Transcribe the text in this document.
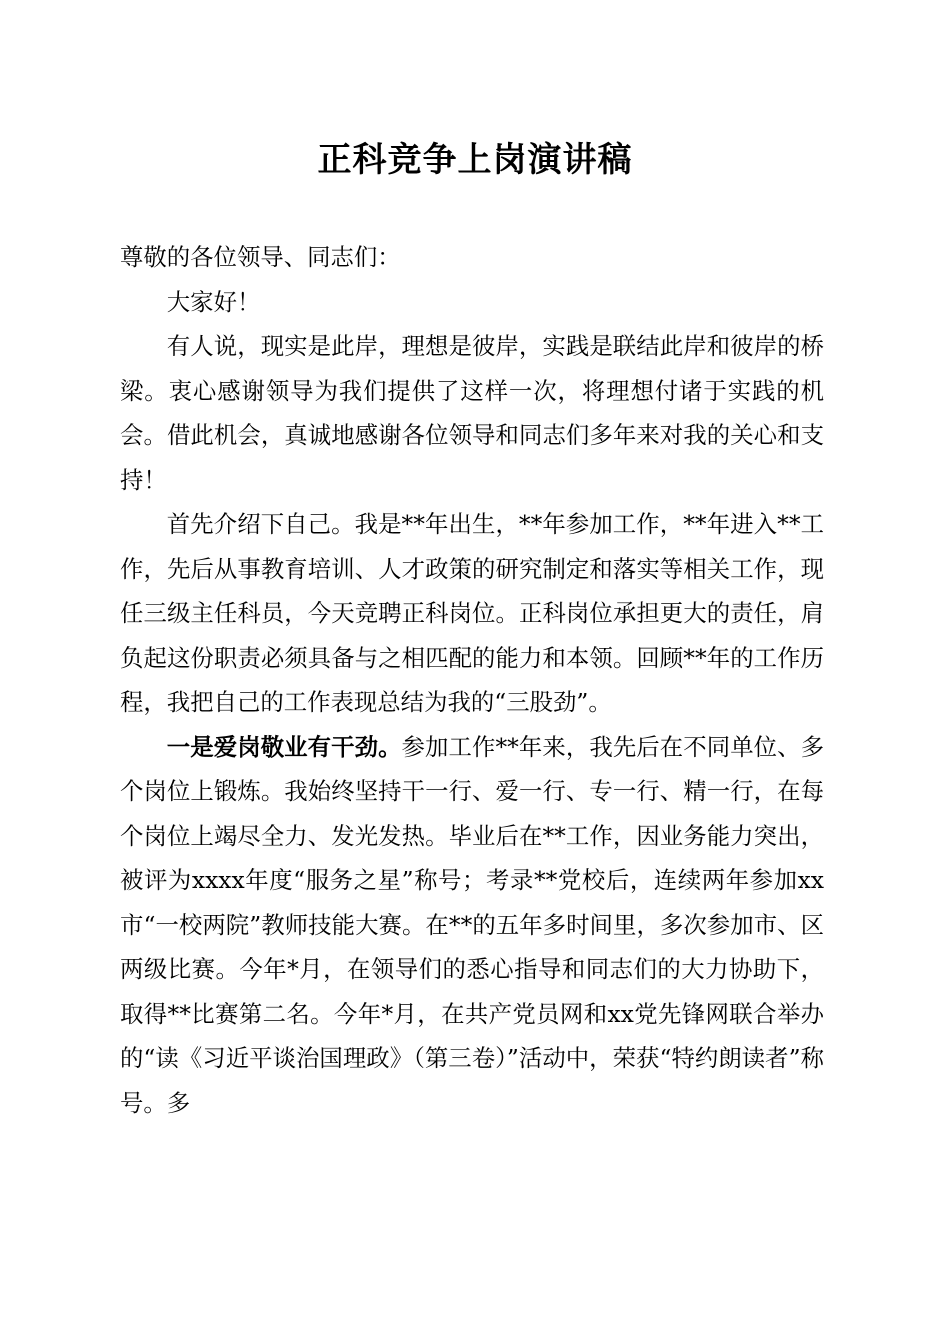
正科竞争上岗演讲稿

尊敬的各位领导、同志们：

大家好！

有人说，现实是此岸，理想是彼岸，实践是联结此岸和彼岸的桥梁。衷心感谢领导为我们提供了这样一次，将理想付诸于实践的机会。借此机会，真诚地感谢各位领导和同志们多年来对我的关心和支持！

首先介绍下自己。我是**年出生，**年参加工作，**年进入**工作，先后从事教育培训、人才政策的研究制定和落实等相关工作，现任三级主任科员，今天竞聘正科岗位。正科岗位承担更大的责任，肩负起这份职责必须具备与之相匹配的能力和本领。回顾**年的工作历程，我把自己的工作表现总结为我的“三股劲”。

一是爱岗敬业有干劲。参加工作**年来，我先后在不同单位、多个岗位上锻炼。我始终坚持干一行、爱一行、专一行、精一行，在每个岗位上竭尽全力、发光发热。毕业后在**工作，因业务能力突出，被评为xxxx年度“服务之星”称号；考录**党校后，连续两年参加xx市“一校两院”教师技能大赛。在**的五年多时间里，多次参加市、区两级比赛。今年*月，在领导们的悉心指导和同志们的大力协助下，取得**比赛第二名。今年*月，在共产党员网和xx党先锋网联合举办的“读《习近平谈治国理政》（第三卷）”活动中，荣获“特约朗读者”称号。多
